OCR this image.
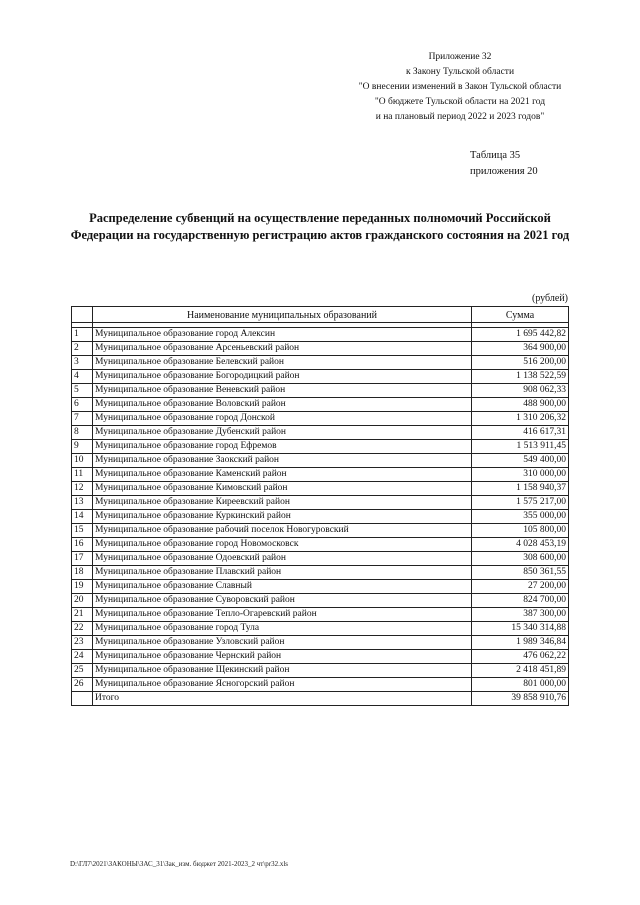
Приложение 32
к Закону Тульской области
"О внесении изменений в Закон Тульской области
"О бюджете Тульской области на 2021 год
и на плановый период 2022 и 2023 годов"
Таблица 35
приложения 20
Распределение субвенций на осуществление переданных полномочий Российской Федерации на государственную регистрацию актов гражданского состояния на 2021 год
(рублей)
	Наименование муниципальных образований	Сумма

1	Муниципальное образование город Алексин	1 695 442,82
2	Муниципальное образование Арсеньевский район	364 900,00
3	Муниципальное образование Белевский район	516 200,00
4	Муниципальное образование Богородицкий район	1 138 522,59
5	Муниципальное образование Веневский район	908 062,33
6	Муниципальное образование Воловский район	488 900,00
7	Муниципальное образование город Донской	1 310 206,32
8	Муниципальное образование Дубенский район	416 617,31
9	Муниципальное образование город Ефремов	1 513 911,45
10	Муниципальное образование Заокский район	549 400,00
11	Муниципальное образование Каменский район	310 000,00
12	Муниципальное образование Кимовский район	1 158 940,37
13	Муниципальное образование Киреевский район	1 575 217,00
14	Муниципальное образование Куркинский район	355 000,00
15	Муниципальное образование рабочий поселок Новогуровский	105 800,00
16	Муниципальное образование город Новомосковск	4 028 453,19
17	Муниципальное образование Одоевский район	308 600,00
18	Муниципальное образование Плавский район	850 361,55
19	Муниципальное образование Славный	27 200,00
20	Муниципальное образование Суворовский район	824 700,00
21	Муниципальное образование Тепло-Огаревский район	387 300,00
22	Муниципальное образование город Тула	15 340 314,88
23	Муниципальное образование Узловский район	1 989 346,84
24	Муниципальное образование Чернский район	476 062,22
25	Муниципальное образование Щекинский район	2 418 451,89
26	Муниципальное образование Ясногорский район	801 000,00
	Итого	39 858 910,76
D:\ГЛ7\2021\ЗАКОНЫ\ЗАС_31\Зак_изм. бюджет 2021-2023_2 чт\pr32.xls
